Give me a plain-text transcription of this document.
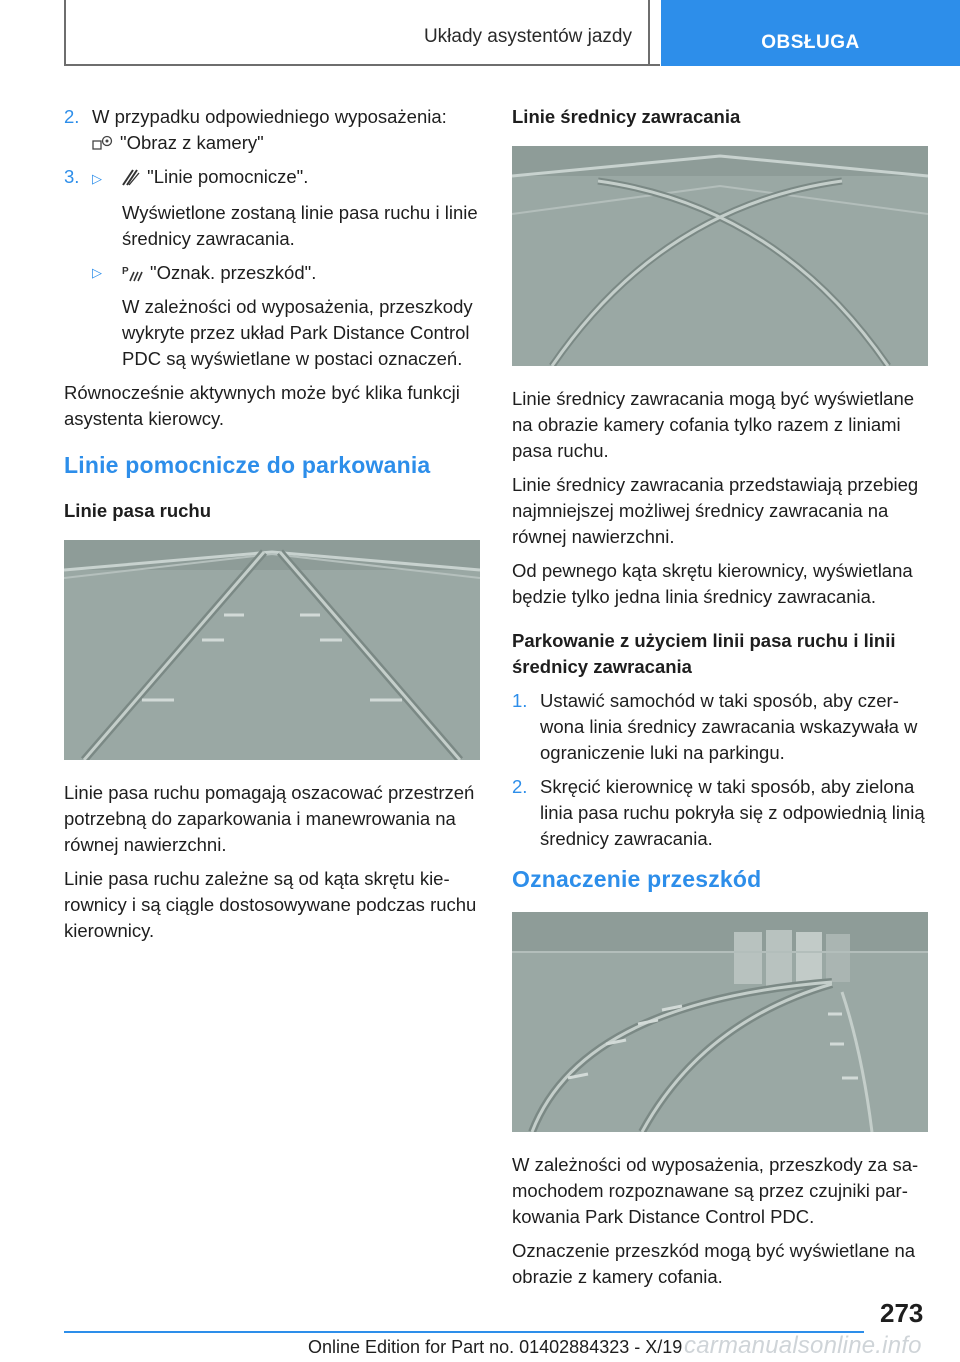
Układy asystentów jazdy	OBSŁUGA
2. W przypadku odpowiedniego wyposażenia:
"Obraz z kamery"
3. ▷ "Linie pomocnicze".
Wyświetlone zostaną linie pasa ruchu i linie średnicy zawracania.
▷	P "Oznak. przeszkód".
W zależności od wyposażenia, przeszkody wykryte przez układ Park Distance Control PDC są wyświetlane w postaci oznaczeń.
Równocześnie aktywnych może być klika funkcji asystenta kierowcy.
Linie pomocnicze do parkowania
Linie pasa ruchu
Linie pasa ruchu pomagają oszacować przestrzeń potrzebną do zaparkowania i manewrowania na równej nawierzchni.
Linie pasa ruchu zależne są od kąta skrętu kierownicy i są ciągle dostosowywane podczas ruchu kierownicy.
Linie średnicy zawracania
Linie średnicy zawracania mogą być wyświetlane na obrazie kamery cofania tylko razem z liniami pasa ruchu.
Linie średnicy zawracania przedstawiają przebieg najmniejszej możliwej średnicy zawracania na równej nawierzchni.
Od pewnego kąta skrętu kierownicy, wyświetlana będzie tylko jedna linia średnicy zawracania.
Parkowanie z użyciem linii pasa ruchu i linii średnicy zawracania
1. Ustawić samochód w taki sposób, aby czerwona linia średnicy zawracania wskazywała w ograniczenie luki na parkingu.
2. Skręcić kierownicę w taki sposób, aby zielona linia pasa ruchu pokryła się z odpowiednią linią średnicy zawracania.
Oznaczenie przeszkód
W zależności od wyposażenia, przeszkody za samochodem rozpoznawane są przez czujniki parkowania Park Distance Control PDC.
Oznaczenie przeszkód mogą być wyświetlane na obrazie z kamery cofania.
273
Online Edition for Part no. 01402884323 - X/19 carmanualsonline.info
